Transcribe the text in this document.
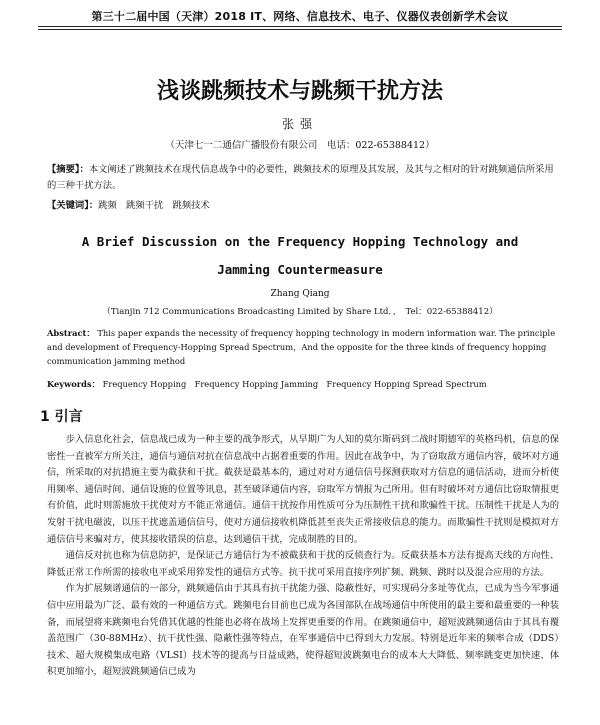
第三十二届中国（天津）2018 IT、网络、信息技术、电子、仪器仪表创新学术会议
浅谈跳频技术与跳频干扰方法
张强
（天津七一二通信广播股份有限公司　电话：022-65388412）
【摘要】：本文阐述了跳频技术在现代信息战争中的必要性，跳频技术的原理及其发展，及其与之相对的针对跳频通信所采用的三种干扰方法。
【关键词】：跳频　跳频干扰　跳频技术
A Brief Discussion on the Frequency Hopping Technology and
Jamming Countermeasure
Zhang Qiang
（Tianjin 712 Communications Broadcasting Limited by Share Ltd．，　Tel：022-65388412）
Abstract： This paper expands the necessity of frequency hopping technology in modern information war. The principle and development of Frequency-Hopping Spread Spectrum，And the opposite for the three kinds of frequency hopping communication jamming method
Keywords： Frequency Hopping　Frequency Hopping Jamming　Frequency Hopping Spread Spectrum
1 引言

步入信息化社会，信息战已成为一种主要的战争形式，从早期广为人知的莫尔斯码到二战时期德军的英格玛机，信息的保密性一直被军方所关注，通信与通信对抗在信息战中占据着重要的作用。因此在战争中，为了窃取敌方通信内容，破坏对方通信，所采取的对抗措施主要为截获和干扰。截获是最基本的，通过对对方通信信号探测获取对方信息的通信活动，进而分析使用频率、通信时间、通信设施的位置等讯息，甚至破译通信内容，窃取军方情报为己所用。但有时破坏对方通信比窃取情报更有价值，此时则需施放干扰使对方不能正常通信。通信干扰按作用性质可分为压制性干扰和欺骗性干扰。压制性干扰是人为的发射干扰电磁波，以压干扰遮盖通信信号，使对方通信接收机降低甚至丧失正常接收信息的能力。而欺骗性干扰则是模拟对方通信信号来骗对方，使其接收错误的信息，达到通信干扰，完成制胜的目的。

通信反对抗也称为信息防护，是保证己方通信行为不被截获和干扰的反侦查行为。反截获基本方法有提高天线的方向性、降低正常工作所需的接收电平或采用猝发性的通信方式等。抗干扰可采用直接序列扩频、跳频、跳时以及混合应用的方法。

作为扩展频谱通信的一部分，跳频通信由于其具有抗干扰能力强、隐蔽性好，可实现码分多址等优点，已成为当今军事通信中应用最为广泛、最有效的一种通信方式。跳频电台目前也已成为各国部队在战场通信中所使用的最主要和最重要的一种装备，而展望将来跳频电台凭借其优越的性能也必将在战场上发挥更重要的作用。在跳频通信中，超短波跳频通信由于其具有覆盖范围广（30-88MHz）、抗干扰性强、隐蔽性强等特点，在军事通信中已得到大力发展。特别是近年来的频率合成（DDS）技术、超大规模集成电路（VLSI）技术等的提高与日益成熟，使得超短波跳频电台的成本大大降低、频率跳变更加快速、体积更加缩小，超短波跳频通信已成为
